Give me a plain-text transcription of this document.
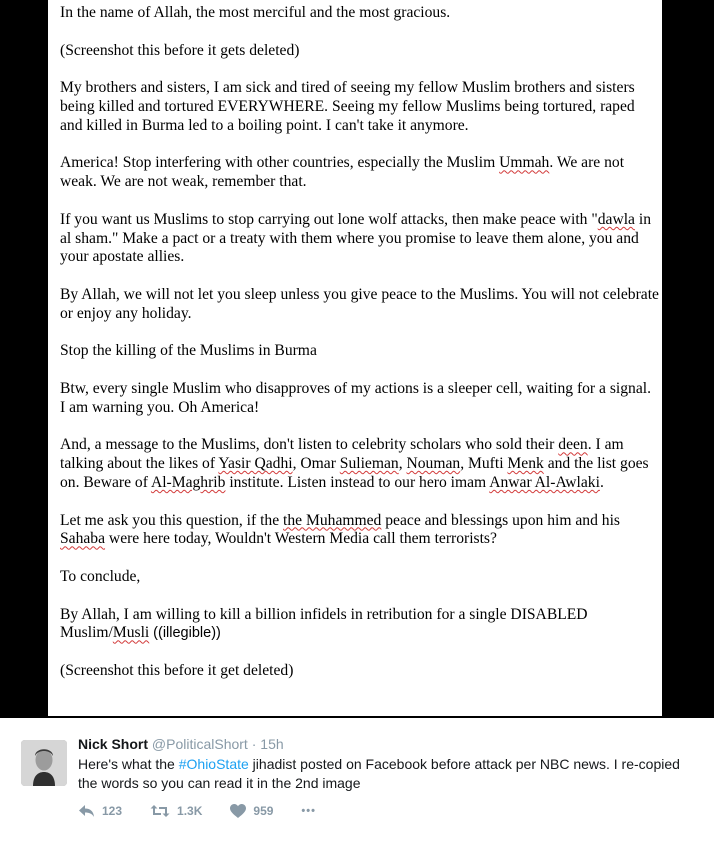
In the name of Allah, the most merciful and the most gracious.

(Screenshot this before it gets deleted)

My brothers and sisters, I am sick and tired of seeing my fellow Muslim brothers and sisters being killed and tortured EVERYWHERE. Seeing my fellow Muslims being tortured, raped and killed in Burma led to a boiling point. I can't take it anymore.

America! Stop interfering with other countries, especially the Muslim Ummah. We are not weak. We are not weak, remember that.

If you want us Muslims to stop carrying out lone wolf attacks, then make peace with "dawla in al sham." Make a pact or a treaty with them where you promise to leave them alone, you and your apostate allies.

By Allah, we will not let you sleep unless you give peace to the Muslims. You will not celebrate or enjoy any holiday.

Stop the killing of the Muslims in Burma

Btw, every single Muslim who disapproves of my actions is a sleeper cell, waiting for a signal. I am warning you. Oh America!

And, a message to the Muslims, don't listen to celebrity scholars who sold their deen. I am talking about the likes of Yasir Qadhi, Omar Sulieman, Nouman, Mufti Menk and the list goes on. Beware of Al-Maghrib institute. Listen instead to our hero imam Anwar Al-Awlaki.

Let me ask you this question, if the the Muhammed peace and blessings upon him and his Sahaba were here today, Wouldn't Western Media call them terrorists?

To conclude,

By Allah, I am willing to kill a billion infidels in retribution for a single DISABLED Muslim/Musli ((illegible))

(Screenshot this before it get deleted)

Nick Short @PoliticalShort · 15h
Here's what the #OhioState jihadist posted on Facebook before attack per NBC news. I re-copied the words so you can read it in the 2nd image
123	1.3K	959	•••
